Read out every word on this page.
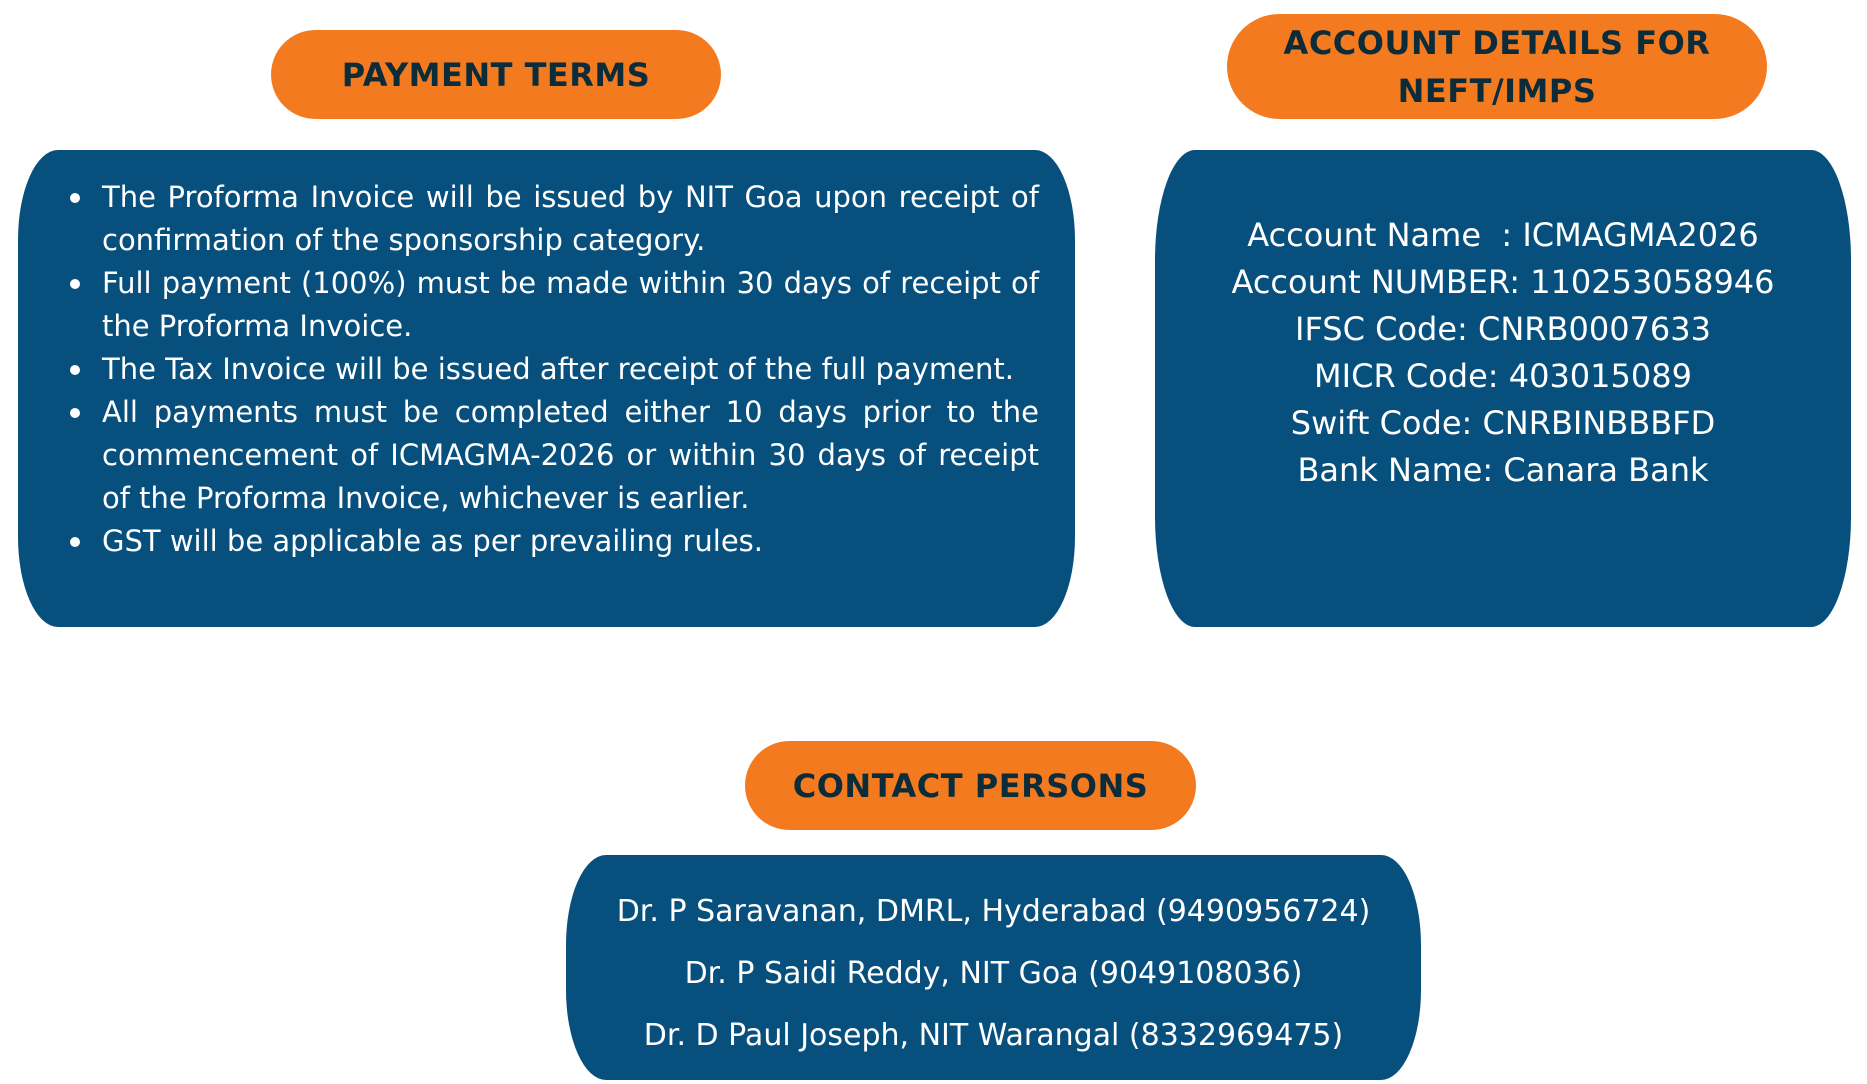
PAYMENT TERMS
The Proforma Invoice will be issued by NIT Goa upon receipt of confirmation of the sponsorship category.
Full payment (100%) must be made within 30 days of receipt of the Proforma Invoice.
The Tax Invoice will be issued after receipt of the full payment.
All payments must be completed either 10 days prior to the commencement of ICMAGMA-2026 or within 30 days of receipt of the Proforma Invoice, whichever is earlier.
GST will be applicable as per prevailing rules.
ACCOUNT DETAILS FOR
NEFT/IMPS
Account Name  : ICMAGMA2026
Account NUMBER: 110253058946
IFSC Code: CNRB0007633
MICR Code: 403015089
Swift Code: CNRBINBBBFD
Bank Name: Canara Bank
CONTACT PERSONS
Dr. P Saravanan, DMRL, Hyderabad (9490956724)
Dr. P Saidi Reddy, NIT Goa (9049108036)
Dr. D Paul Joseph, NIT Warangal (8332969475)
